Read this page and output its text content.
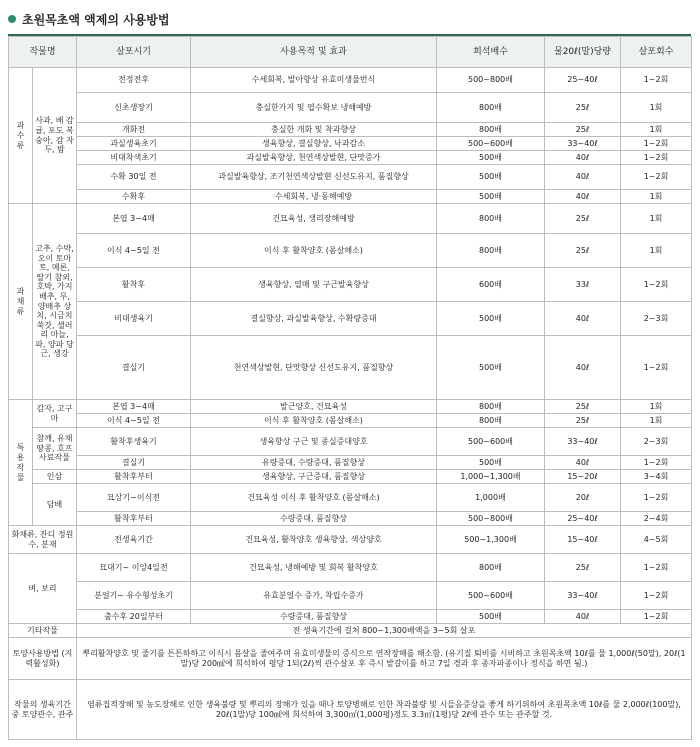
초원목초액 액제의 사용방법
작물명		살포시기	사용목적 및 효과	희석배수	물20ℓ(말)당량	살포회수

과수류	사과, 배 감귤, 포도 복숭아, 감 자두, 밤	전정전후	수세회복, 발아향상 유효미생물번식	500~800배	25~40ℓ	1~2회
		신초생장기	충실한가지 및 엽수확보 냉해예방	800배	25ℓ	1회
		개화전	충실한 개화 및 착과향상	800배	25ℓ	1회
		과실생육초기	생육향상, 결실향상, 낙과감소	500~600배	33~40ℓ	1~2회
		비대착색초기	과실발육향상, 천연색상발현, 단맛증가	500배	40ℓ	1~2회
		수확 30일 전	과실발육향상, 조기천연색상발현 신선도유지, 품질향상	500배	40ℓ	1~2회
		수확후	수세회복, 냉·동해예방	500배	40ℓ	1회

과채류	고추, 수박, 오이 토마토, 메론, 딸기 참외, 호박, 가지 배추, 무, 양배추 상치, 시금치 쑥갓, 샐러리 마늘, 파, 양파 당근, 생강	본엽 3~4매	건묘육성, 생리장해예방	800배	25ℓ	1회
		이식 4~5일 전	이식 후 활착양호 (몸살해소)	800배	25ℓ	1회
		활착후	생육향상, 열매 및 구근발육향상	600배	33ℓ	1~2회
		비대생육기	결실향상, 과실발육향상, 수확량증대	500배	40ℓ	2~3회
		결실기	천연색상발현, 단맛향상 신선도유지, 품질향상	500배	40ℓ	1~2회

특용작물	감자, 고구마	본엽 3~4매	발근양호, 건묘육성	800배	25ℓ	1회
		이식 4~5일 전	이식 후 활착양호 (몸살해소)	800배	25ℓ	1회
	참깨, 유채 땅콩, 호프 사료작물	활착후생육기	생육향상 구근 및 종실증대양호	500~600배	33~40ℓ	2~3회
		결실기	유량증대, 수량증대, 품질향상	500배	40ℓ	1~2회
	인삼	활착후부터	생육향상, 구근증대, 품질향상	1,000~1,300배	15~20ℓ	3~4회
	담배	묘상기~이식전	건묘육성 이식 후 활착양호 (몸살해소)	1,000배	20ℓ	1~2회
		활착후부터	수량증대, 품질향상	500~800배	25~40ℓ	2~4회
화채류, 잔디 정원수, 분재		전생육기간	건묘육성, 활착양호 생육향상, 색상양호	500~1,300배	15~40ℓ	4~5회
벼, 보리		묘대기~ 이앙4일전	건묘육성, 냉해예방 및 회복 활착양호	800배	25ℓ	1~2회
		분얼기~ 유수형성초기	유효분얼수 증가, 착립수증가	500~600배	33~40ℓ	1~2회
		출수후 20일부터	수량증대, 품질향상	500배	40ℓ	1~2회
기타작물		전 생육기간에 걸쳐 800~1,300배액을 3~5회 살포				
토양사용방법 (지력활성화)		뿌리활착양호 및 줄기를 튼튼하하고 이식시 몸살을 줄여주며 유효미생물의 증식으로 연작장해를 해소함. (유기질 퇴비를 시비하고 초원목초액 10ℓ를 물 1,000ℓ(50말), 20ℓ(1말)당 200㎖에 희석하여 평당 1되(2ℓ)씩 관수살포 후 즉시 밭갈이를 하고 7일 경과 후 종자파종이나 정식을 하면 됨.)				
작물의 생육기간중 토양관수, 관주		염류집적장해 및 농도장해로 인한 생육불량 및 뿌리의 장해가 있을 때나 토양병해로 인한 착과불량 및 시들음증상을 좋게 하기위하여 초원목초액 10ℓ를 물 2,000ℓ(100말), 20ℓ(1말)당 100㎖에 희석하여 3,300㎡(1,000평)정도 3.3㎡(1평)당 2ℓ에 관수 또는 관주할 것.				
